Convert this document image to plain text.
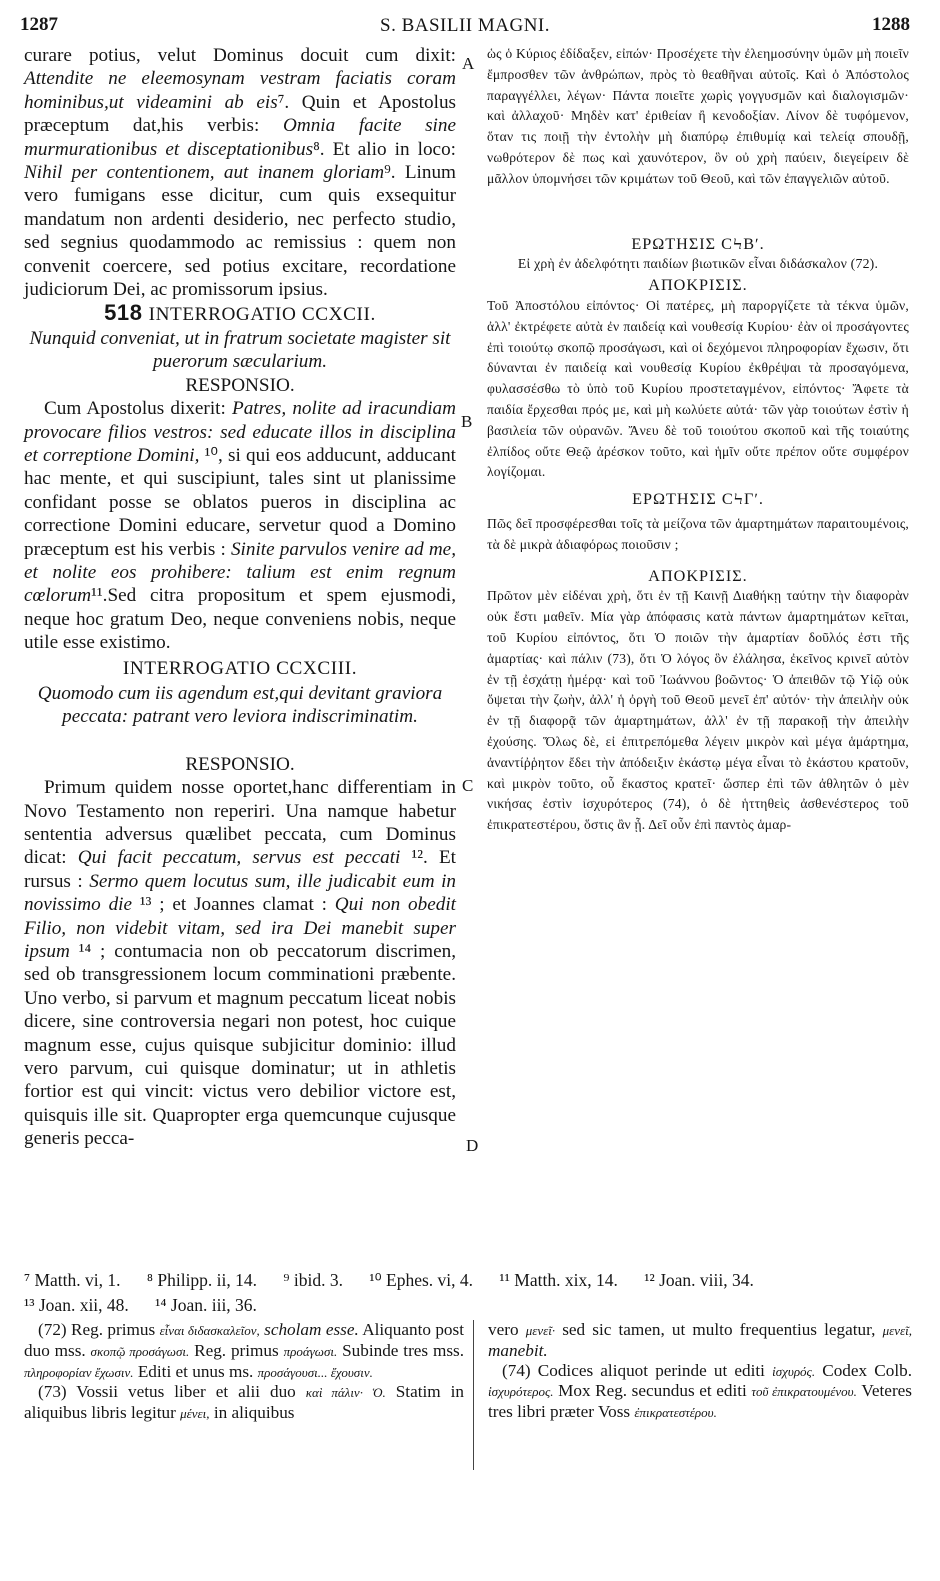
1287	S. BASILII MAGNI.	1288
A
B
C
D

curare potius, velut Dominus docuit cum dixit: Attendite ne eleemosynam vestram faciatis coram hominibus,ut videamini ab eis⁷. Quin et Apostolus præceptum dat,his verbis: Omnia facite sine murmurationibus et disceptationibus⁸. Et alio in loco: Nihil per contentionem, aut inanem gloriam⁹. Linum vero fumigans esse dicitur, cum quis exsequitur mandatum non ardenti desiderio, nec perfecto studio, sed segnius quodammodo ac remissius : quem non convenit coercere, sed potius excitare, recordatione judiciorum Dei, ac promissorum ipsius.

518 INTERROGATIO CCXCII.

Nunquid conveniat, ut in fratrum societate magister sit puerorum sæcularium.

RESPONSIO.

Cum Apostolus dixerit: Patres, nolite ad iracundiam provocare filios vestros: sed educate illos in disciplina et correptione Domini, ¹⁰, si qui eos adducunt, adducant hac mente, et qui suscipiunt, tales sint ut planissime confidant posse se oblatos pueros in disciplina ac correctione Domini educare, servetur quod a Domino præceptum est his verbis : Sinite parvulos venire ad me, et nolite eos prohibere: talium est enim regnum cœlorum¹¹.Sed citra propositum et spem ejusmodi, neque hoc gratum Deo, neque conveniens nobis, neque utile esse existimo.

INTERROGATIO CCXCIII.

Quomodo cum iis agendum est,qui devitant graviora peccata: patrant vero leviora indiscriminatim.

RESPONSIO.

Primum quidem nosse oportet,hanc differentiam in Novo Testamento non reperiri. Una namque habetur sententia adversus quælibet peccata, cum Dominus dicat: Qui facit peccatum, servus est peccati ¹². Et rursus : Sermo quem locutus sum, ille judicabit eum in novissimo die ¹³ ; et Joannes clamat : Qui non obedit Filio, non videbit vitam, sed ira Dei manebit super ipsum ¹⁴ ; contumacia non ob peccatorum discrimen, sed ob transgressionem locum comminationi præbente. Uno verbo, si parvum et magnum peccatum liceat nobis dicere, sine controversia negari non potest, hoc cuique magnum esse, cujus quisque subjicitur dominio: illud vero parvum, cui quisque dominatur; ut in athletis fortior est qui vincit: victus vero debilior victore est, quisquis ille sit. Quapropter erga quemcunque cujusque generis pecca-

ὡς ὁ Κύριος ἐδίδαξεν, εἰπών· Προσέχετε τὴν ἐλεημοσύνην ὑμῶν μὴ ποιεῖν ἔμπροσθεν τῶν ἀνθρώπων, πρὸς τὸ θεαθῆναι αὐτοῖς. Καὶ ὁ Ἀπόστολος παραγγέλλει, λέγων· Πάντα ποιεῖτε χωρὶς γογγυσμῶν καὶ διαλογισμῶν· καὶ ἀλλαχοῦ· Μηδὲν κατ' ἐριθείαν ἢ κενοδοξίαν. Λίνον δὲ τυφόμενον, ὅταν τις ποιῇ τὴν ἐντολὴν μὴ διαπύρῳ ἐπιθυμίᾳ καὶ τελείᾳ σπουδῇ, νωθρότερον δὲ πως καὶ χαυνότερον, ὃν οὐ χρὴ παύειν, διεγείρειν δὲ μᾶλλον ὑπομνήσει τῶν κριμάτων τοῦ Θεοῦ, καὶ τῶν ἐπαγγελιῶν αὐτοῦ.

ΕΡΩΤΗΣΙΣ ϹϞΒʹ.

Εἰ χρὴ ἐν ἀδελφότητι παιδίων βιωτικῶν εἶναι διδάσκαλον (72).

ΑΠΟΚΡΙΣΙΣ.

Τοῦ Ἀποστόλου εἰπόντος· Οἱ πατέρες, μὴ παροργίζετε τὰ τέκνα ὑμῶν, ἀλλ' ἐκτρέφετε αὐτὰ ἐν παιδείᾳ καὶ νουθεσίᾳ Κυρίου· ἐὰν οἱ προσάγοντες ἐπὶ τοιούτῳ σκοπῷ προσάγωσι, καὶ οἱ δεχόμενοι πληροφορίαν ἔχωσιν, ὅτι δύνανται ἐν παιδείᾳ καὶ νουθεσίᾳ Κυρίου ἐκθρέψαι τὰ προσαγόμενα, φυλασσέσθω τὸ ὑπὸ τοῦ Κυρίου προστεταγμένον, εἰπόντος· Ἄφετε τὰ παιδία ἔρχεσθαι πρός με, καὶ μὴ κωλύετε αὐτά· τῶν γὰρ τοιούτων ἐστὶν ἡ βασιλεία τῶν οὐρανῶν. Ἄνευ δὲ τοῦ τοιούτου σκοποῦ καὶ τῆς τοιαύτης ἐλπίδος οὔτε Θεῷ ἀρέσκον τοῦτο, καὶ ἡμῖν οὔτε πρέπον οὔτε συμφέρον λογίζομαι.

ΕΡΩΤΗΣΙΣ ϹϞΓʹ.

Πῶς δεῖ προσφέρεσθαι τοῖς τὰ μείζονα τῶν ἁμαρτημάτων παραιτουμένοις, τὰ δὲ μικρὰ ἀδιαφόρως ποιοῦσιν ;

ΑΠΟΚΡΙΣΙΣ.

Πρῶτον μὲν εἰδέναι χρὴ, ὅτι ἐν τῇ Καινῇ Διαθήκῃ ταύτην τὴν διαφορὰν οὐκ ἔστι μαθεῖν. Μία γὰρ ἀπόφασις κατὰ πάντων ἁμαρτημάτων κεῖται, τοῦ Κυρίου εἰπόντος, ὅτι Ὁ ποιῶν τὴν ἁμαρτίαν δοῦλός ἐστι τῆς ἁμαρτίας· καὶ πάλιν (73), ὅτι Ὁ λόγος ὃν ἐλάλησα, ἐκεῖνος κρινεῖ αὐτὸν ἐν τῇ ἐσχάτῃ ἡμέρᾳ· καὶ τοῦ Ἰωάννου βοῶντος· Ὁ ἀπειθῶν τῷ Υἱῷ οὐκ ὄψεται τὴν ζωὴν, ἀλλ' ἡ ὀργὴ τοῦ Θεοῦ μενεῖ ἐπ' αὐτόν· τὴν ἀπειλὴν οὐκ ἐν τῇ διαφορᾷ τῶν ἁμαρτημάτων, ἀλλ' ἐν τῇ παρακοῇ τὴν ἀπειλὴν ἐχούσης. Ὅλως δὲ, εἰ ἐπιτρεπόμεθα λέγειν μικρὸν καὶ μέγα ἁμάρτημα, ἀναντίῤῥητον ἔδει τὴν ἀπόδειξιν ἑκάστῳ μέγα εἶναι τὸ ἑκάστου κρατοῦν, καὶ μικρὸν τοῦτο, οὗ ἕκαστος κρατεῖ· ὥσπερ ἐπὶ τῶν ἀθλητῶν ὁ μὲν νικήσας ἐστὶν ἰσχυρότερος (74), ὁ δὲ ἡττηθεὶς ἀσθενέστερος τοῦ ἐπικρατεστέρου, ὅστις ἂν ᾖ. Δεῖ οὖν ἐπὶ παντὸς ἁμαρ-

⁷ Matth. vi, 1. ⁸ Philipp. ii, 14. ⁹ ibid. 3. ¹⁰ Ephes. vi, 4. ¹¹ Matth. xix, 14. ¹² Joan. viii, 34.
¹³ Joan. xii, 48. ¹⁴ Joan. iii, 36.

(72) Reg. primus εἶναι διδασκαλεῖον, scholam esse. Aliquanto post duo mss. σκοπῷ προσάγωσι. Reg. primus προάγωσι. Subinde tres mss. πληροφορίαν ἔχωσιν. Editi et unus ms. προσάγουσι... ἔχουσιν.

(73) Vossii vetus liber et alii duo καὶ πάλιν· Ὁ. Statim in aliquibus libris legitur μένει, in aliquibus

vero μενεῖ· sed sic tamen, ut multo frequentius legatur, μενεῖ, manebit.

(74) Codices aliquot perinde ut editi ἰσχυρός. Codex Colb. ἰσχυρότερος. Mox Reg. secundus et editi τοῦ ἐπικρατουμένου. Veteres tres libri præter Voss ἐπικρατεστέρου.
